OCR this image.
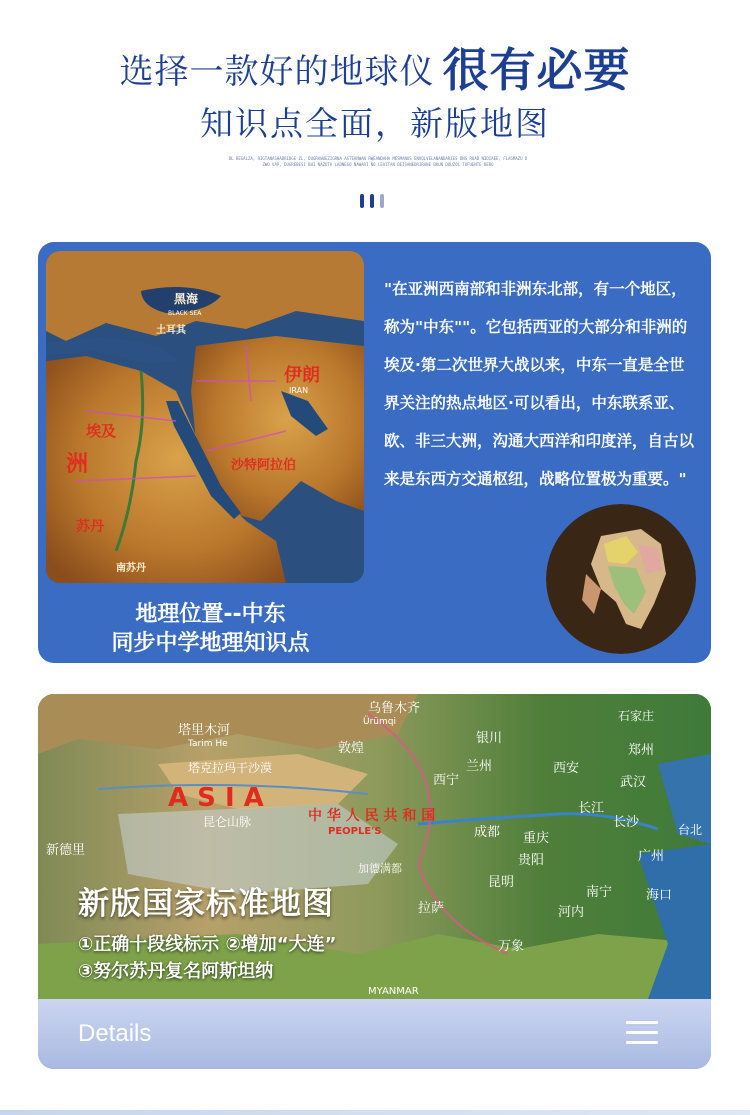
选择一款好的地球仪 很有必要
知识点全面，新版地图
DL REGALZA, RIGTANASHABRIDGE ZL, DUGRAWUEZIGRNA ASTEANWAN RWEANDAHA MESMANUS ENVOLVELANANDARIES DNS ROAD NIDIAEE, FLAGMAZU DZWO VAP, DUGREBESI BUI NAZUTA LADNEGO NAWARI NO LEVITAN BEISANEDRIRANE BOUN DOUZOL TOFUENTE BERO
黑海
BLACK SEA
土耳其
伊朗
IRAN
沙特阿拉伯
洲
埃及
苏丹
南苏丹
"在亚洲西南部和非洲东北部，有一个地区，称为"中东""。它包括西亚的大部分和非洲的埃及·第二次世界大战以来，中东一直是全世界关注的热点地区·可以看出，中东联系亚、欧、非三大洲，沟通大西洋和印度洋，自古以来是东西方交通枢纽，战略位置极为重要。"
地理位置--中东
同步中学地理知识点
乌鲁木齐
Ürümqi
塔里木河
Tarim He
塔克拉玛干沙漠
敦煌
银川
西宁
兰州	西安
郑州
石家庄
武汉
中 华 人 民 共 和 国
PEOPLE'S
A S I A
昆仑山脉
成都 重庆
长沙
长江
贵阳
昆明
广州
南宁	海口
台北
拉萨	河内
万象
新德里
加德满都
MYANMAR
新版国家标准地图
①正确十段线标示 ②增加“大连”
③努尔苏丹复名阿斯坦纳
Details
